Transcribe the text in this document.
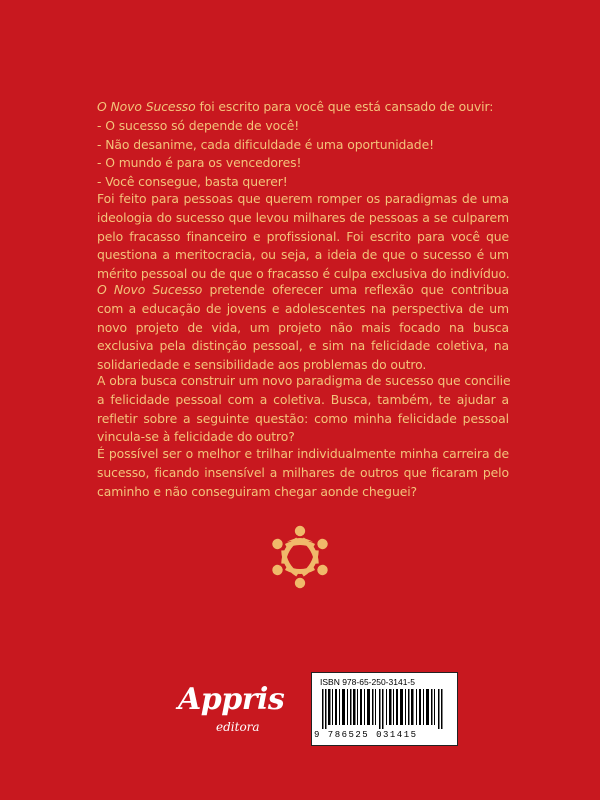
O Novo Sucesso foi escrito para você que está cansado de ouvir:
- O sucesso só depende de você!
- Não desanime, cada dificuldade é uma oportunidade!
- O mundo é para os vencedores!
- Você consegue, basta querer!
Foi feito para pessoas que querem romper os paradigmas de uma
ideologia do sucesso que levou milhares de pessoas a se culparem
pelo fracasso financeiro e profissional. Foi escrito para você que
questiona a meritocracia, ou seja, a ideia de que o sucesso é um
mérito pessoal ou de que o fracasso é culpa exclusiva do indivíduo.
O Novo Sucesso pretende oferecer uma reflexão que contribua
com a educação de jovens e adolescentes na perspectiva de um
novo projeto de vida, um projeto não mais focado na busca
exclusiva pela distinção pessoal, e sim na felicidade coletiva, na
solidariedade e sensibilidade aos problemas do outro.
A obra busca construir um novo paradigma de sucesso que concilie
a felicidade pessoal com a coletiva. Busca, também, te ajudar a
refletir sobre a seguinte questão: como minha felicidade pessoal
vincula-se à felicidade do outro?
É possível ser o melhor e trilhar individualmente minha carreira de
sucesso, ficando insensível a milhares de outros que ficaram pelo
caminho e não conseguiram chegar aonde cheguei?
Appris
editora
ISBN 978-65-250-3141-5
9 786525 031415
